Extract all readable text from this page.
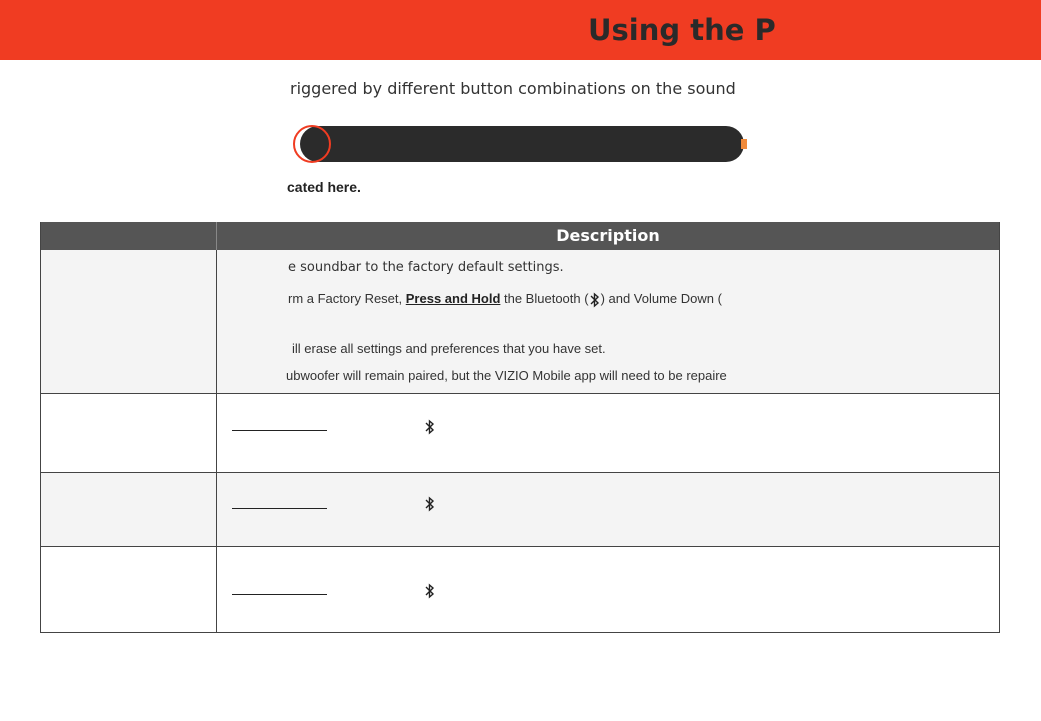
Using the P
riggered by different button combinations on the sound
cated here.
Description
e soundbar to the factory default settings.
rm a Factory Reset, Press and Hold the Bluetooth ( ) and Volume Down (
ill erase all settings and preferences that you have set.
ubwoofer will remain paired, but the VIZIO Mobile app will need to be repaire
